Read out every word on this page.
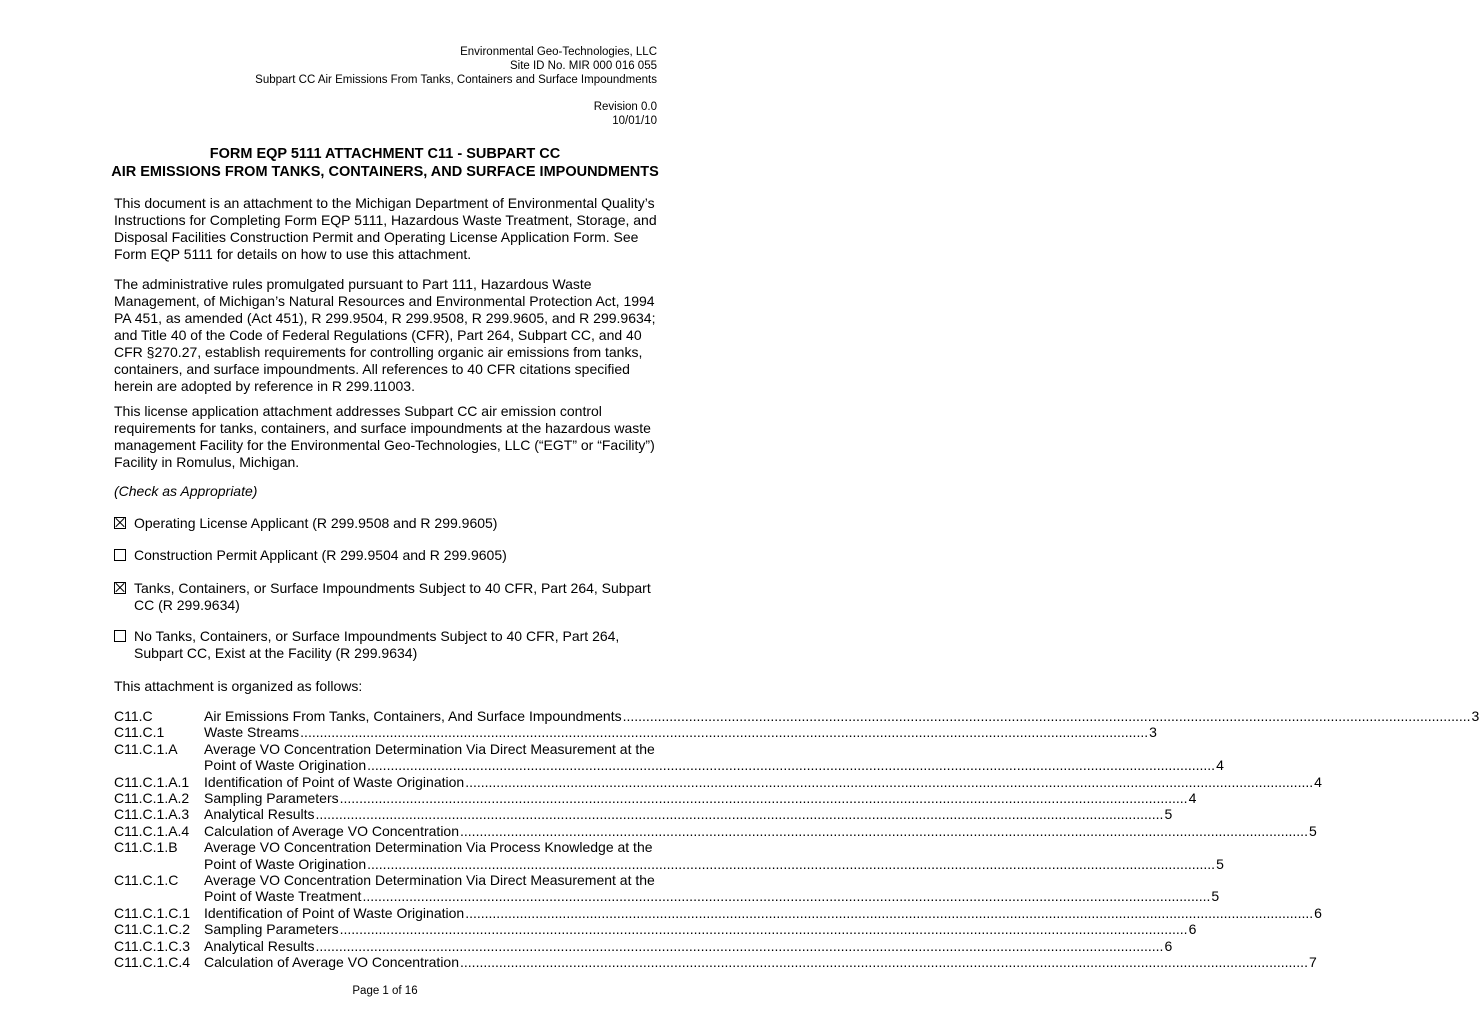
Environmental Geo-Technologies, LLC
Site ID No. MIR 000 016 055
Subpart CC Air Emissions From Tanks, Containers and Surface Impoundments
Revision 0.0
10/01/10
FORM EQP 5111 ATTACHMENT C11 - SUBPART CC
AIR EMISSIONS FROM TANKS, CONTAINERS, AND SURFACE IMPOUNDMENTS
This document is an attachment to the Michigan Department of Environmental Quality’s Instructions for Completing Form EQP 5111, Hazardous Waste Treatment, Storage, and Disposal Facilities Construction Permit and Operating License Application Form. See Form EQP 5111 for details on how to use this attachment.
The administrative rules promulgated pursuant to Part 111, Hazardous Waste Management, of Michigan’s Natural Resources and Environmental Protection Act, 1994 PA 451, as amended (Act 451), R 299.9504, R 299.9508, R 299.9605, and R 299.9634; and Title 40 of the Code of Federal Regulations (CFR), Part 264, Subpart CC, and 40 CFR §270.27, establish requirements for controlling organic air emissions from tanks, containers, and surface impoundments. All references to 40 CFR citations specified herein are adopted by reference in R 299.11003.
This license application attachment addresses Subpart CC air emission control requirements for tanks, containers, and surface impoundments at the hazardous waste management Facility for the Environmental Geo-Technologies, LLC (“EGT” or “Facility”) Facility in Romulus, Michigan.
(Check as Appropriate)
Operating License Applicant (R 299.9508 and R 299.9605)
Construction Permit Applicant (R 299.9504 and R 299.9605)
Tanks, Containers, or Surface Impoundments Subject to 40 CFR, Part 264, Subpart CC (R 299.9634)
No Tanks, Containers, or Surface Impoundments Subject to 40 CFR, Part 264, Subpart CC, Exist at the Facility (R 299.9634)
This attachment is organized as follows:
C11.C	Air Emissions From Tanks, Containers, And Surface Impoundments .....	3
C11.C.1	Waste Streams .....	3
C11.C.1.A	Average VO Concentration Determination Via Direct Measurement at the
Point of Waste Origination .....	4
C11.C.1.A.1	Identification of Point of Waste Origination .....	4
C11.C.1.A.2	Sampling Parameters .....	4
C11.C.1.A.3	Analytical Results .....	5
C11.C.1.A.4	Calculation of Average VO Concentration .....	5
C11.C.1.B	Average VO Concentration Determination Via Process Knowledge at the
Point of Waste Origination .....	5
C11.C.1.C	Average VO Concentration Determination Via Direct Measurement at the
Point of Waste Treatment .....	5
C11.C.1.C.1	Identification of Point of Waste Origination .....	6
C11.C.1.C.2	Sampling Parameters .....	6
C11.C.1.C.3	Analytical Results .....	6
C11.C.1.C.4	Calculation of Average VO Concentration .....	7
Page 1 of 16
